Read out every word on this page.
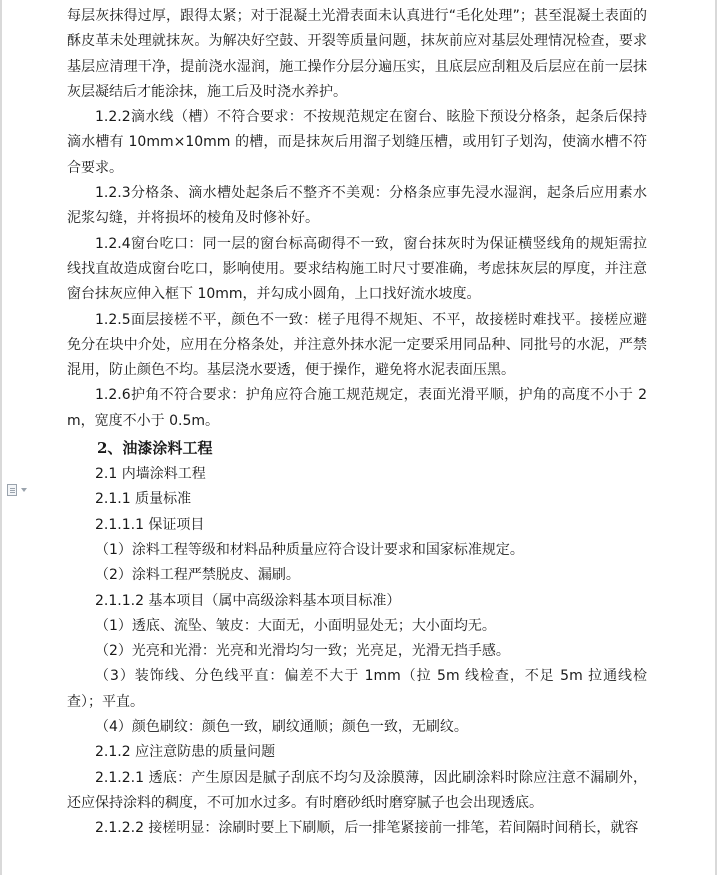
每层灰抹得过厚，跟得太紧；对于混凝土光滑表面未认真进行“毛化处理”；甚至混凝土表面的酥皮革未处理就抹灰。为解决好空鼓、开裂等质量问题，抹灰前应对基层处理情况检查，要求基层应清理干净，提前浇水湿润，施工操作分层分遍压实，且底层应刮粗及后层应在前一层抹灰层凝结后才能涂抹，施工后及时浇水养护。

1.2.2滴水线（槽）不符合要求：不按规范规定在窗台、眩脸下预设分格条，起条后保持滴水槽有 10mm×10mm 的槽，而是抹灰后用溜子划缝压槽，或用钉子划沟，使滴水槽不符合要求。

1.2.3分格条、滴水槽处起条后不整齐不美观：分格条应事先浸水湿润，起条后应用素水泥浆勾缝，并将损坏的棱角及时修补好。

1.2.4窗台吃口：同一层的窗台标高砌得不一致，窗台抹灰时为保证横竖线角的规矩需拉线找直故造成窗台吃口，影响使用。要求结构施工时尺寸要准确，考虑抹灰层的厚度，并注意窗台抹灰应伸入框下 10mm，并勾成小圆角，上口找好流水坡度。

1.2.5面层接槎不平，颜色不一致：槎子甩得不规矩、不平，故接槎时难找平。接槎应避免分在块中介处，应用在分格条处，并注意外抹水泥一定要采用同品种、同批号的水泥，严禁混用，防止颜色不均。基层浇水要透，便于操作，避免将水泥表面压黑。

1.2.6护角不符合要求：护角应符合施工规范规定，表面光滑平顺，护角的高度不小于 2m，宽度不小于 0.5m。

2、油漆涂料工程

2.1 内墙涂料工程

2.1.1 质量标准

2.1.1.1 保证项目

（1）涂料工程等级和材料品种质量应符合设计要求和国家标准规定。

（2）涂料工程严禁脱皮、漏刷。

2.1.1.2 基本项目（属中高级涂料基本项目标准）

（1）透底、流坠、皱皮：大面无，小面明显处无；大小面均无。

（2）光亮和光滑：光亮和光滑均匀一致；光亮足，光滑无挡手感。

（3）装饰线、分色线平直：偏差不大于 1mm（拉 5m 线检查，不足 5m 拉通线检查）；平直。

（4）颜色刷纹：颜色一致，刷纹通顺；颜色一致，无刷纹。

2.1.2 应注意防患的质量问题

2.1.2.1 透底：产生原因是腻子刮底不均匀及涂膜薄，因此刷涂料时除应注意不漏刷外，还应保持涂料的稠度，不可加水过多。有时磨砂纸时磨穿腻子也会出现透底。

2.1.2.2 接槎明显：涂刷时要上下刷顺，后一排笔紧接前一排笔，若间隔时间稍长，就容
